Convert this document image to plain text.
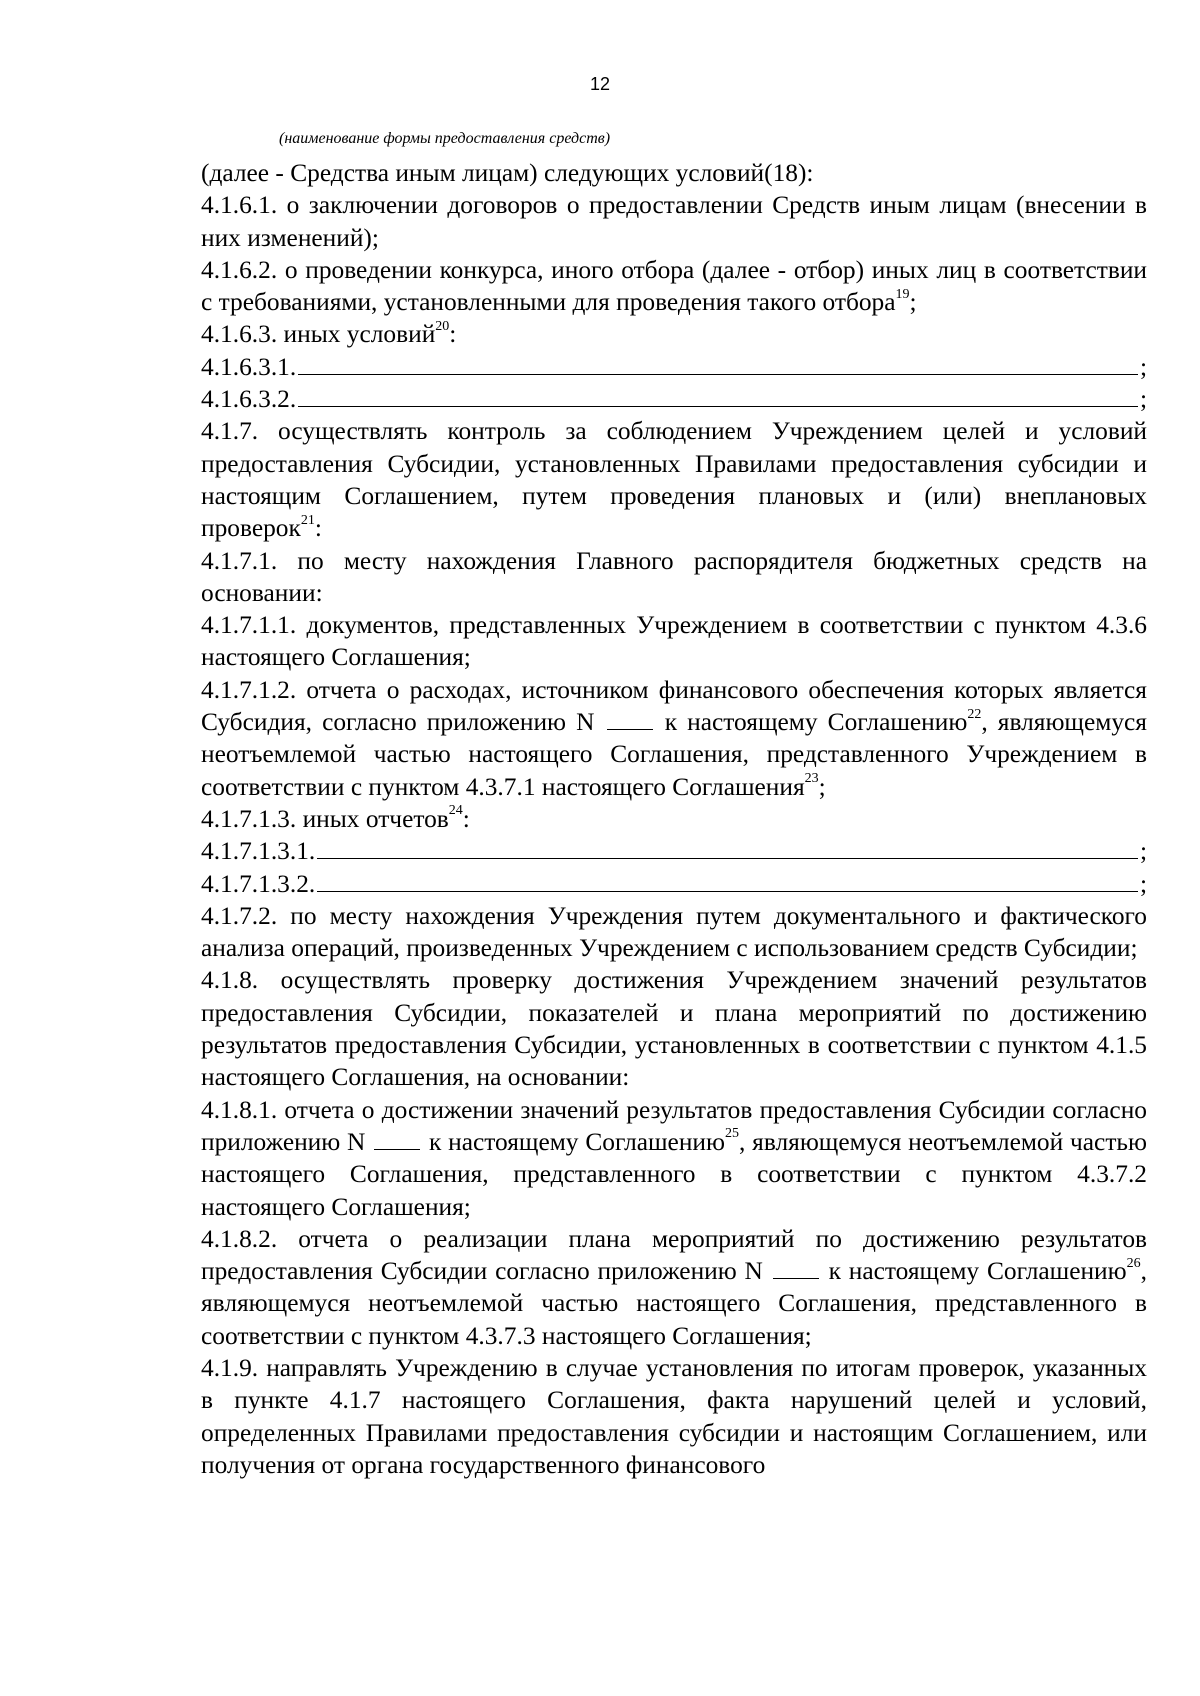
12
(наименование формы предоставления средств)

(далее - Средства иным лицам) следующих условий(18):

4.1.6.1. о заключении договоров о предоставлении Средств иным лицам (внесении в них изменений);

4.1.6.2. о проведении конкурса, иного отбора (далее - отбор) иных лиц в соответствии с требованиями, установленными для проведения такого отбора$^{19}$;

4.1.6.3. иных условий$^{20}$:

4.1.6.3.1.	;
4.1.6.3.2.	;

4.1.7. осуществлять контроль за соблюдением Учреждением целей и условий предоставления Субсидии, установленных Правилами предоставления субсидии и настоящим Соглашением, путем проведения плановых и (или) внеплановых проверок$^{21}$:

4.1.7.1. по месту нахождения Главного распорядителя бюджетных средств на основании:

4.1.7.1.1. документов, представленных Учреждением в соответствии с пунктом 4.3.6 настоящего Соглашения;

4.1.7.1.2. отчета о расходах, источником финансового обеспечения которых является Субсидия, согласно приложению N	к настоящему Соглашению$^{22}$, являющемуся неотъемлемой частью настоящего Соглашения, представленного Учреждением в соответствии с пунктом 4.3.7.1 настоящего Соглашения$^{23}$;

4.1.7.1.3. иных отчетов$^{24}$:

4.1.7.1.3.1.	;
4.1.7.1.3.2.	;

4.1.7.2. по месту нахождения Учреждения путем документального и фактического анализа операций, произведенных Учреждением с использованием средств Субсидии;

4.1.8. осуществлять проверку достижения Учреждением значений результатов предоставления Субсидии, показателей и плана мероприятий по достижению результатов предоставления Субсидии, установленных в соответствии с пунктом 4.1.5 настоящего Соглашения, на основании:

4.1.8.1. отчета о достижении значений результатов предоставления Субсидии согласно приложению N	к настоящему Соглашению$^{25}$, являющемуся неотъемлемой частью настоящего Соглашения, представленного в соответствии с пунктом 4.3.7.2 настоящего Соглашения;

4.1.8.2. отчета о реализации плана мероприятий по достижению результатов предоставления Субсидии согласно приложению N	к настоящему Соглашению$^{26}$, являющемуся неотъемлемой частью настоящего Соглашения, представленного в соответствии с пунктом 4.3.7.3 настоящего Соглашения;

4.1.9. направлять Учреждению в случае установления по итогам проверок, указанных в пункте 4.1.7 настоящего Соглашения, факта нарушений целей и условий, определенных Правилами предоставления субсидии и настоящим Соглашением, или получения от органа государственного финансового
